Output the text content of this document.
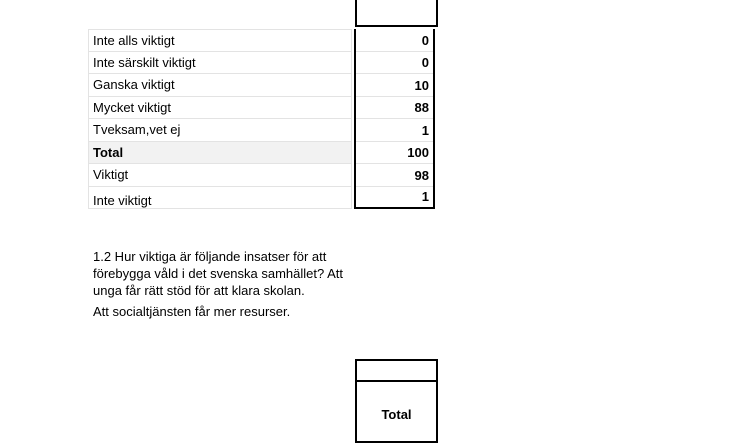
Inte alls viktigt	0
Inte särskilt viktigt	0
Ganska viktigt	10
Mycket viktigt	88
Tveksam,vet ej	1
Total	100
Viktigt	98
Inte viktigt	1
1.2 Hur viktiga är följande insatser för att förebygga våld i det svenska samhället? Att unga får rätt stöd för att klara skolan.
Att socialtjänsten får mer resurser.
Total
